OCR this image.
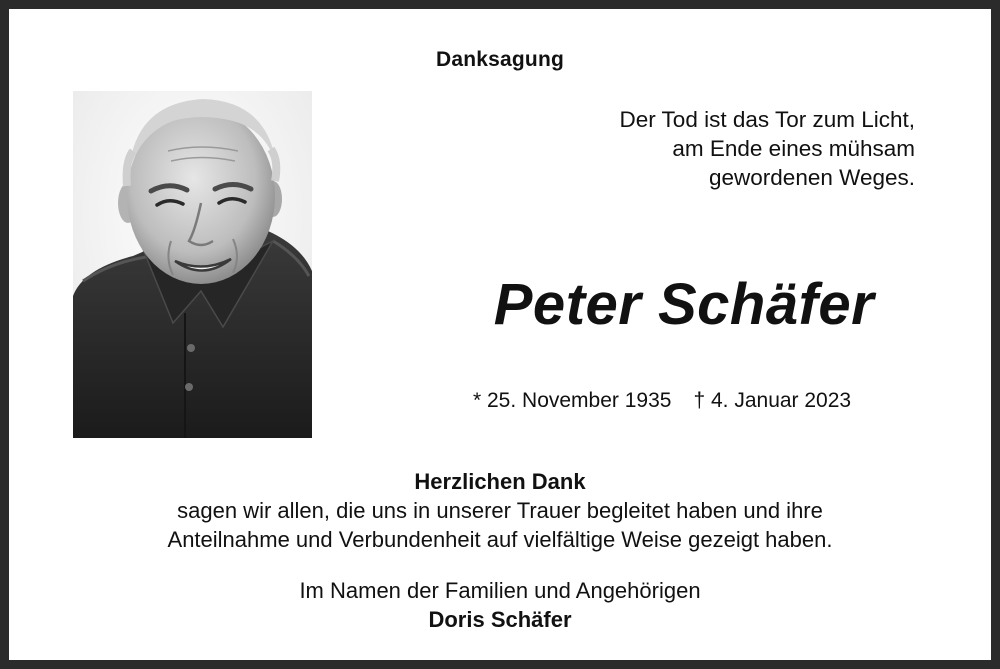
Danksagung
Der Tod ist das Tor zum Licht,
am Ende eines mühsam
gewordenen Weges.
Peter Schäfer
* 25. November 1935 † 4. Januar 2023
Herzlichen Dank
sagen wir allen, die uns in unserer Trauer begleitet haben und ihre
Anteilnahme und Verbundenheit auf vielfältige Weise gezeigt haben.
Im Namen der Familien und Angehörigen
Doris Schäfer
